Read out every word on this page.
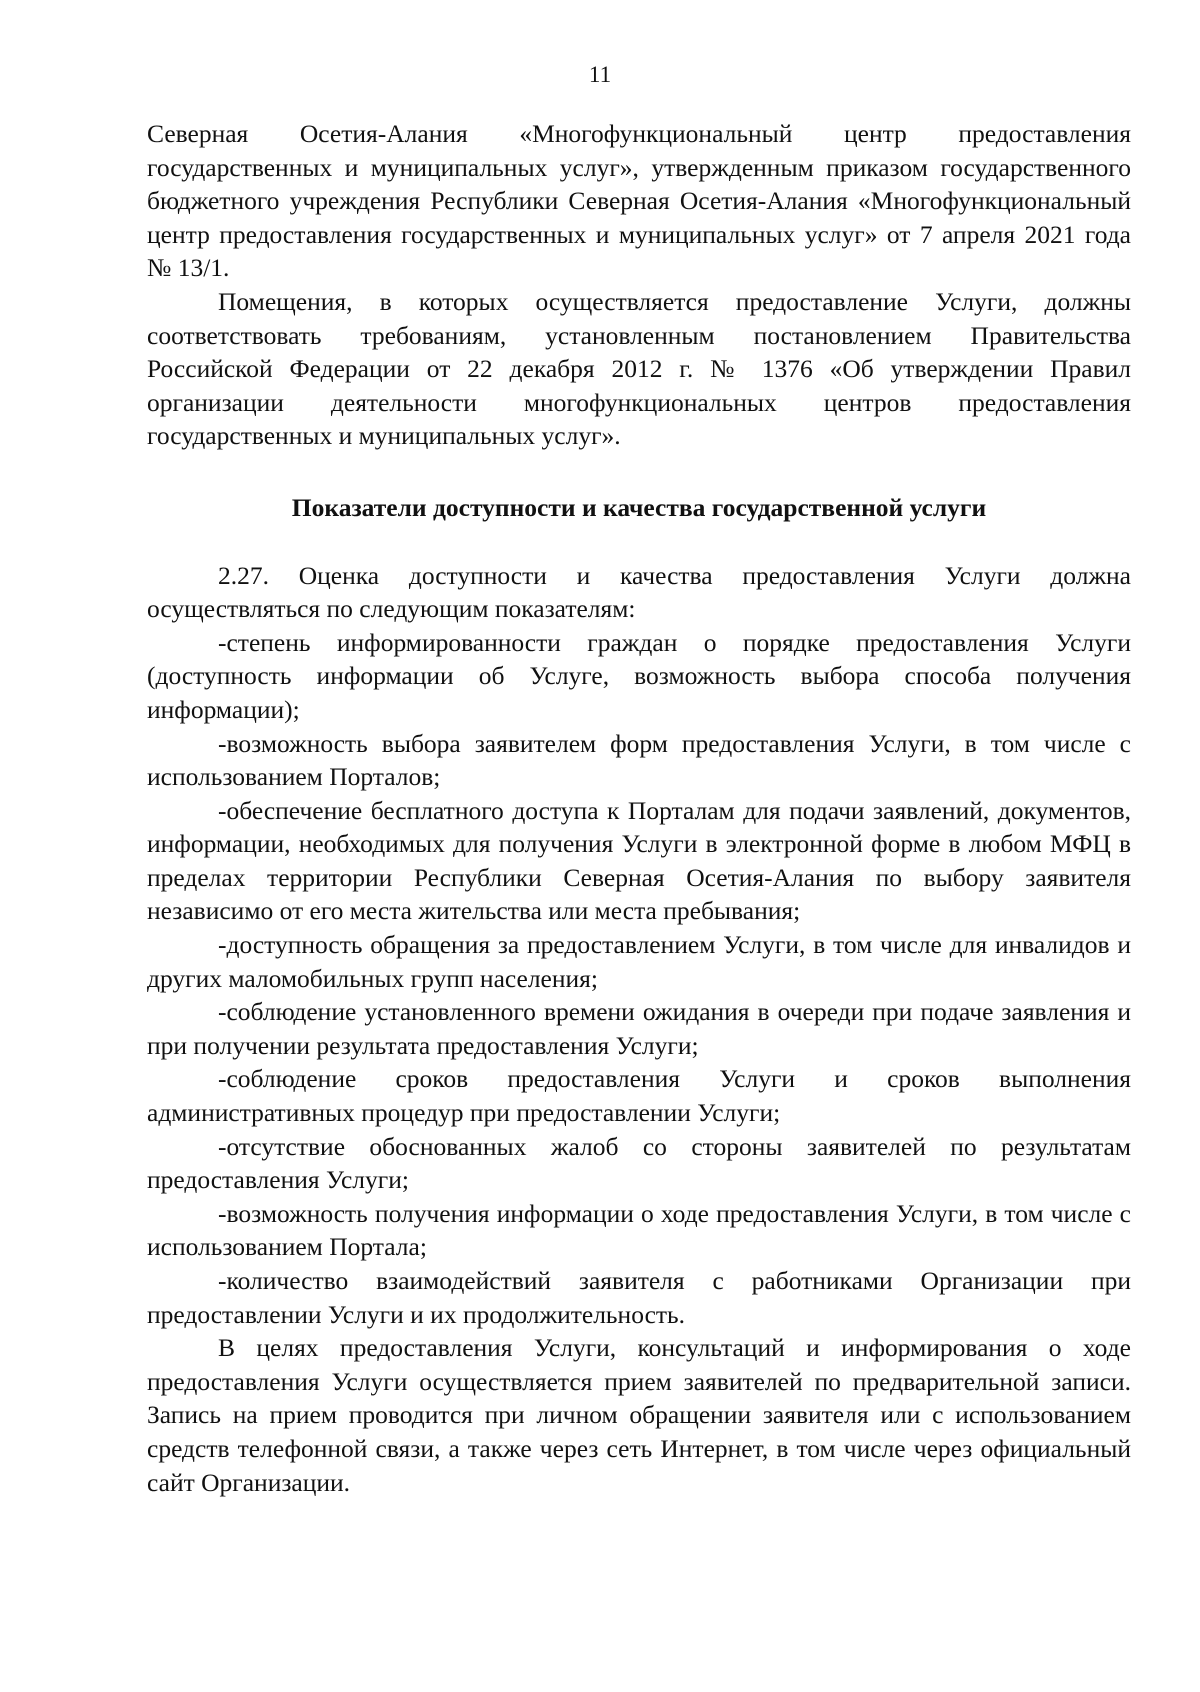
11

Северная Осетия-Алания «Многофункциональный центр предоставления государственных и муниципальных услуг», утвержденным приказом государственного бюджетного учреждения Республики Северная Осетия-Алания «Многофункциональный центр предоставления государственных и муниципальных услуг» от 7 апреля 2021 года № 13/1.

Помещения, в которых осуществляется предоставление Услуги, должны соответствовать требованиям, установленным постановлением Правительства Российской Федерации от 22 декабря 2012 г. № 1376 «Об утверждении Правил организации деятельности многофункциональных центров предоставления государственных и муниципальных услуг».

Показатели доступности и качества государственной услуги

2.27. Оценка доступности и качества предоставления Услуги должна осуществляться по следующим показателям:

-степень информированности граждан о порядке предоставления Услуги (доступность информации об Услуге, возможность выбора способа получения информации);

-возможность выбора заявителем форм предоставления Услуги, в том числе с использованием Порталов;

-обеспечение бесплатного доступа к Порталам для подачи заявлений, документов, информации, необходимых для получения Услуги в электронной форме в любом МФЦ в пределах территории Республики Северная Осетия-Алания по выбору заявителя независимо от его места жительства или места пребывания;

-доступность обращения за предоставлением Услуги, в том числе для инвалидов и других маломобильных групп населения;

-соблюдение установленного времени ожидания в очереди при подаче заявления и при получении результата предоставления Услуги;

-соблюдение сроков предоставления Услуги и сроков выполнения административных процедур при предоставлении Услуги;

-отсутствие обоснованных жалоб со стороны заявителей по результатам предоставления Услуги;

-возможность получения информации о ходе предоставления Услуги, в том числе с использованием Портала;

-количество взаимодействий заявителя с работниками Организации при предоставлении Услуги и их продолжительность.

В целях предоставления Услуги, консультаций и информирования о ходе предоставления Услуги осуществляется прием заявителей по предварительной записи. Запись на прием проводится при личном обращении заявителя или с использованием средств телефонной связи, а также через сеть Интернет, в том числе через официальный сайт Организации.
